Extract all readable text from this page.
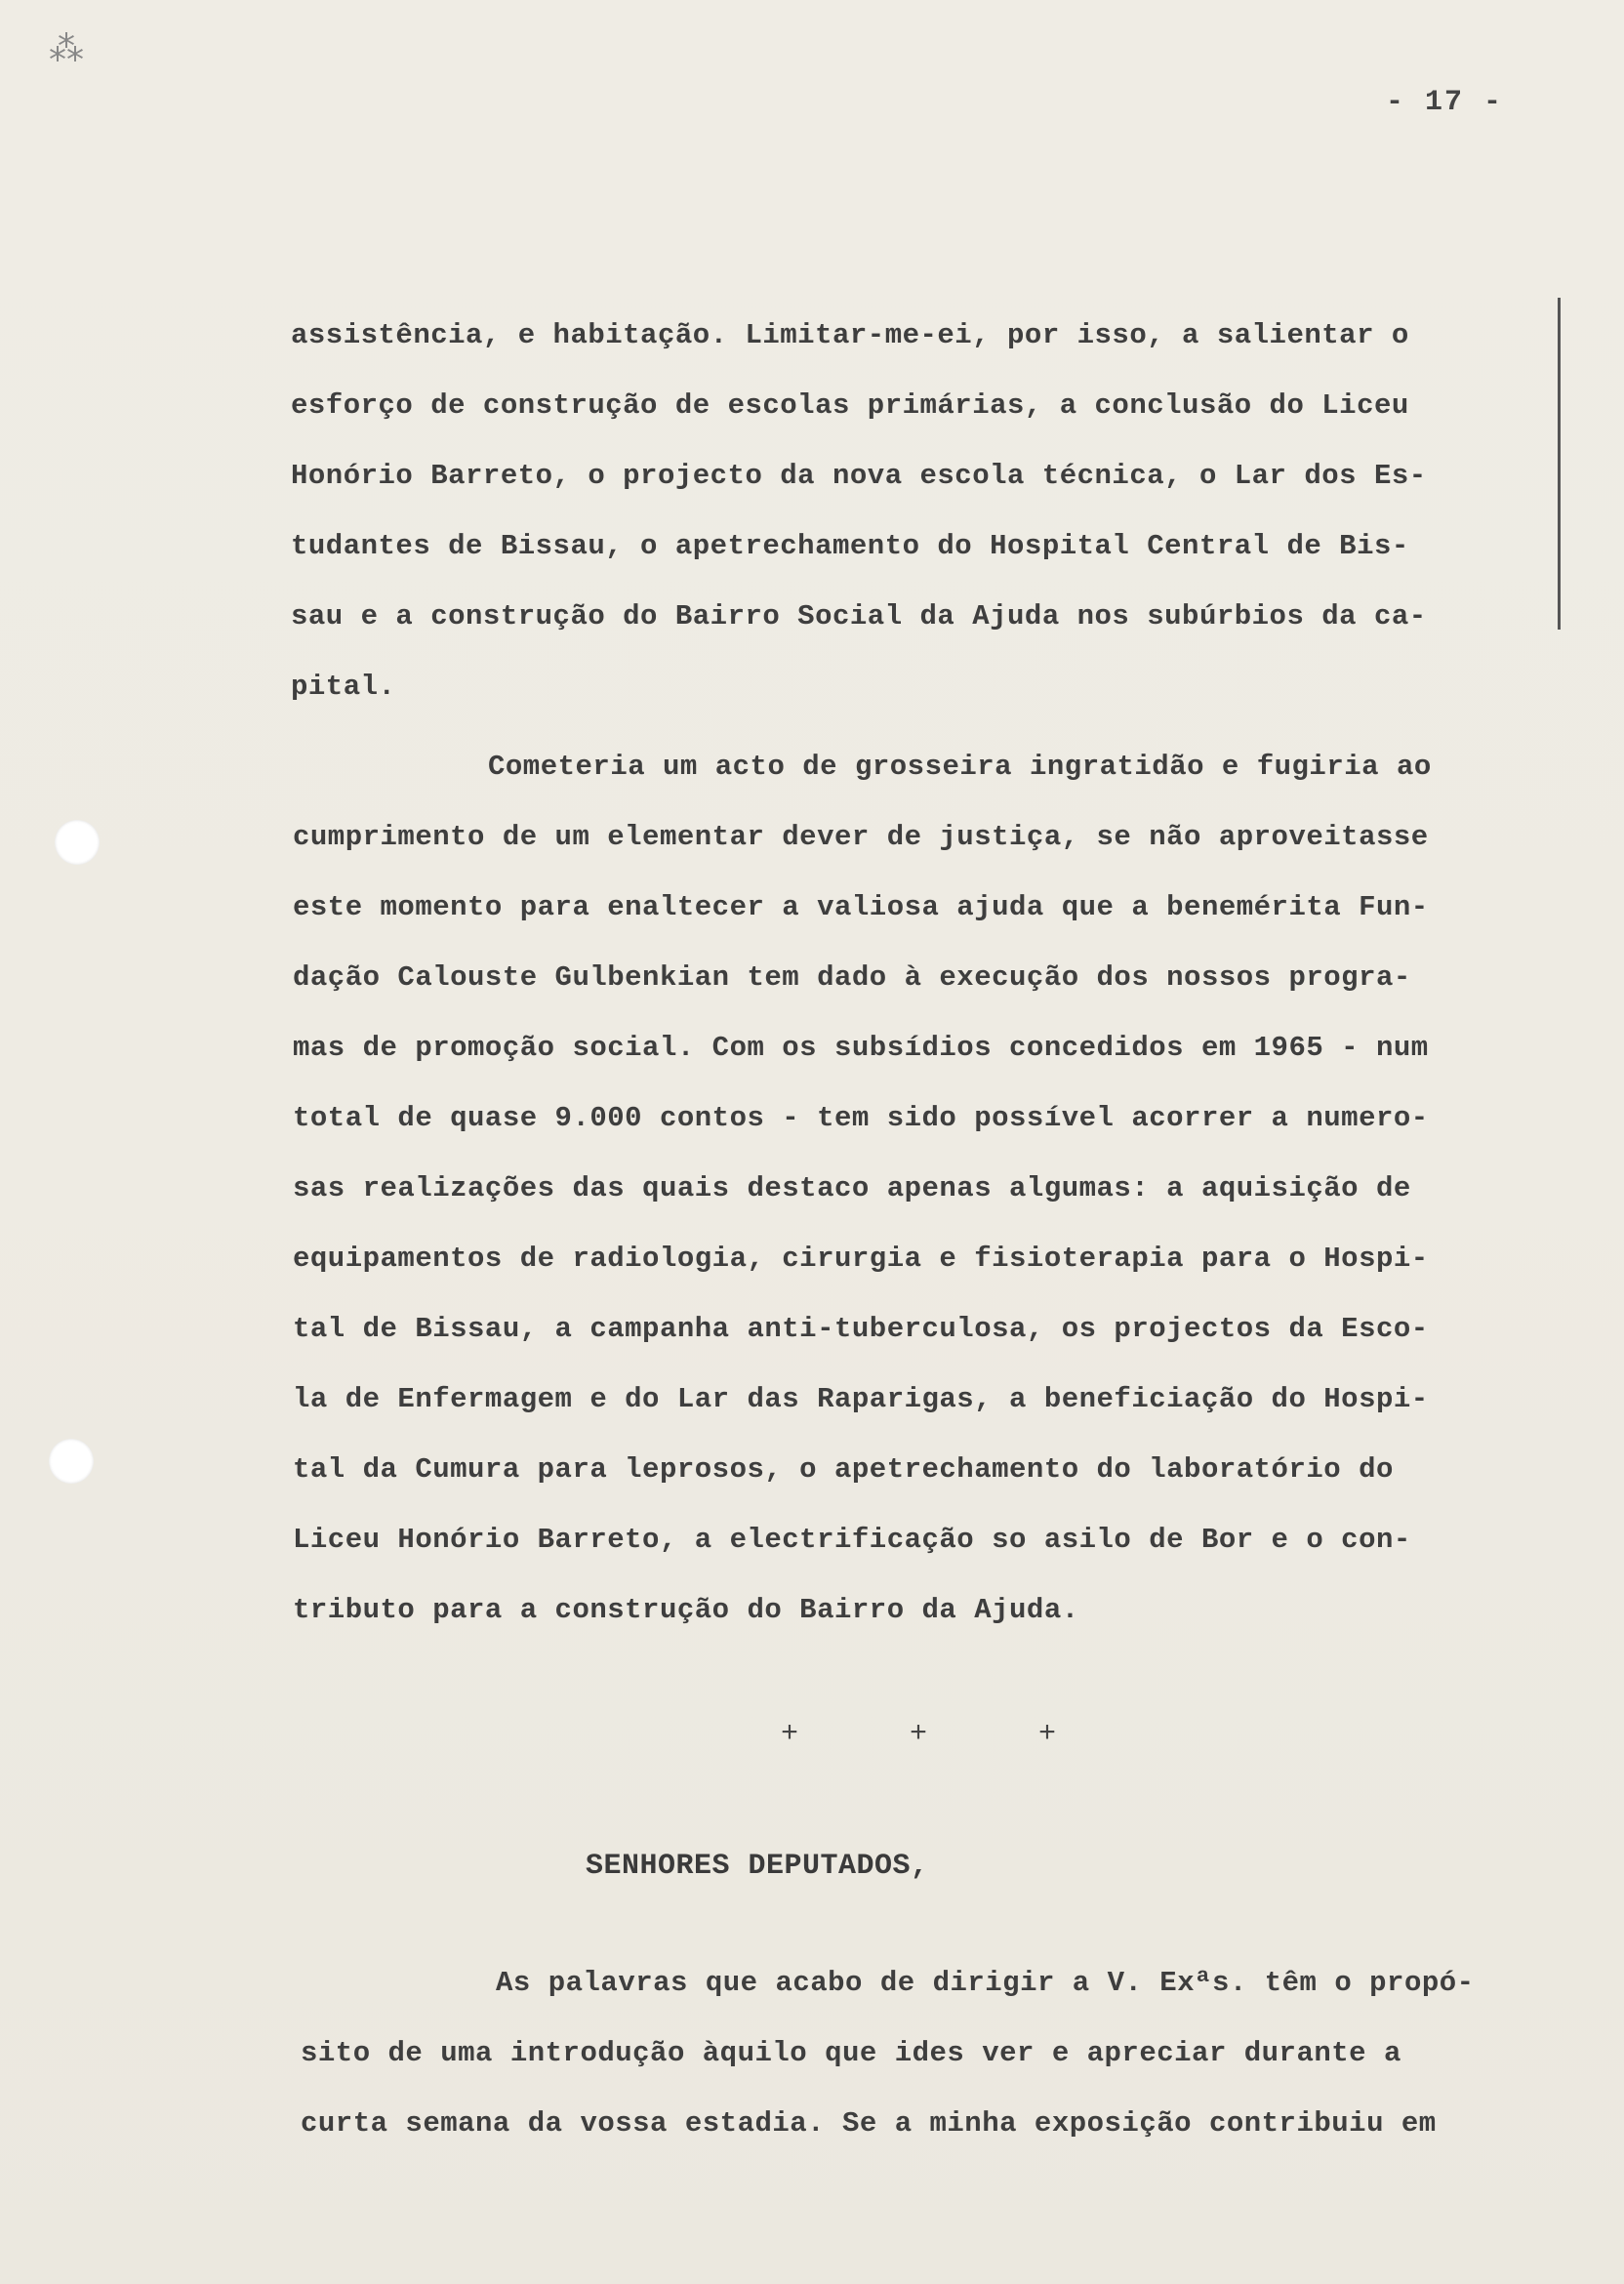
⁂
- 17 -
assistência, e habitação. Limitar-me-ei, por isso, a salientar o
esforço de construção de escolas primárias, a conclusão do Liceu
Honório Barreto, o projecto da nova escola técnica, o Lar dos Es-
tudantes de Bissau, o apetrechamento do Hospital Central de Bis-
sau e a construção do Bairro Social da Ajuda nos subúrbios da ca-
pital.
Cometeria um acto de grosseira ingratidão e fugiria ao
cumprimento de um elementar dever de justiça, se não aproveitasse
este momento para enaltecer a valiosa ajuda que a benemérita Fun-
dação Calouste Gulbenkian tem dado à execução dos nossos progra-
mas de promoção social. Com os subsídios concedidos em 1965 - num
total de quase 9.000 contos - tem sido possível acorrer a numero-
sas realizações das quais destaco apenas algumas: a aquisição de
equipamentos de radiologia, cirurgia e fisioterapia para o Hospi-
tal de Bissau, a campanha anti-tuberculosa, os projectos da Esco-
la de Enfermagem e do Lar das Raparigas, a beneficiação do Hospi-
tal da Cumura para leprosos, o apetrechamento do laboratório do
Liceu Honório Barreto, a electrificação so asilo de Bor e o con-
tributo para a construção do Bairro da Ajuda.
+ + +
SENHORES DEPUTADOS,
As palavras que acabo de dirigir a V. Exªs. têm o propó-
sito de uma introdução àquilo que ides ver e apreciar durante a
curta semana da vossa estadia. Se a minha exposição contribuiu em
